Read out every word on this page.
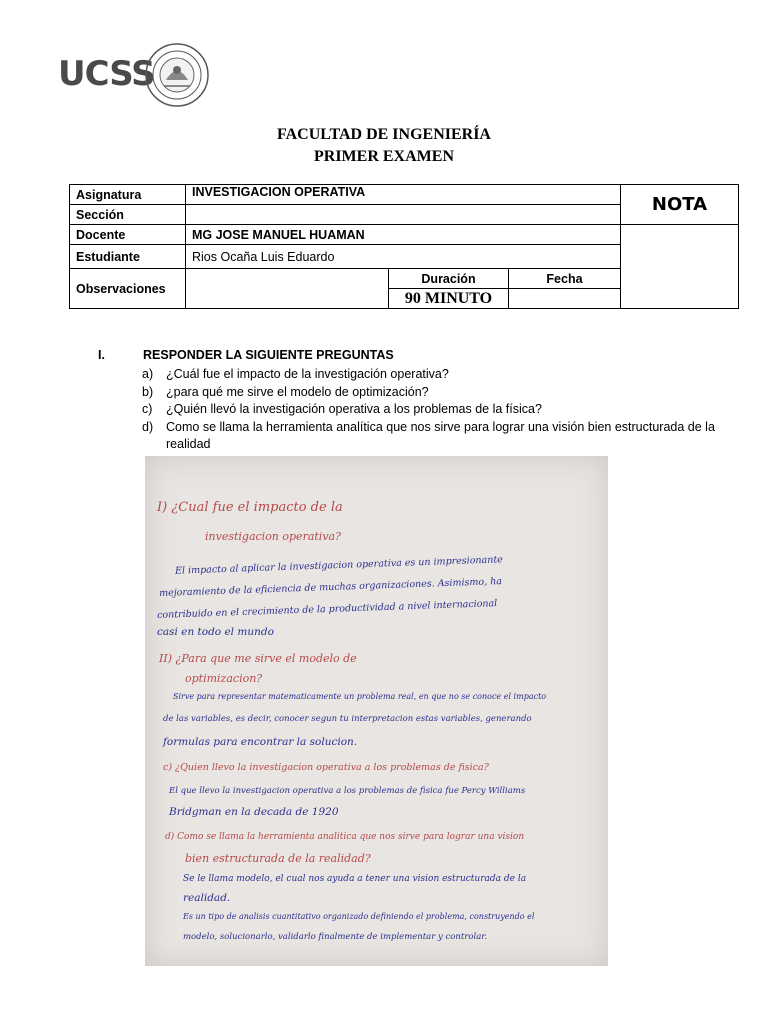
UCSS
FACULTAD DE INGENIERÍA
PRIMER EXAMEN
Asignatura	INVESTIGACION OPERATIVA			NOTA
Sección				
Docente	MG JOSE MANUEL HUAMAN			
Estudiante	Rios Ocaña Luis Eduardo			
Observaciones		Duración	Fecha	
		90 MINUTO		
I.	RESPONDER LA SIGUIENTE PREGUNTAS
a) ¿Cuál fue el impacto de la investigación operativa?
b) ¿para qué me sirve el modelo de optimización?
c) ¿Quién llevó la investigación operativa a los problemas de la física?
d) Como se llama la herramienta analítica que nos sirve para lograr una visión bien estructurada de la realidad
I) ¿Cual fue el impacto de la
investigacion operativa?
El impacto al aplicar la investigacion operativa es un impresionante
mejoramiento de la eficiencia de muchas organizaciones. Asimismo, ha
contribuido en el crecimiento de la productividad a nivel internacional
casi en todo el mundo
II) ¿Para que me sirve el modelo de
optimizacion?
Sirve para representar matematicamente un problema real, en que no se conoce el impacto
de las variables, es decir, conocer segun tu interpretacion estas variables, generando
formulas para encontrar la solucion.
c) ¿Quien llevo la investigacion operativa a los problemas de fisica?
El que llevo la investigacion operativa a los problemas de fisica fue Percy Williams
Bridgman en la decada de 1920
d) Como se llama la herramienta analitica que nos sirve para lograr una vision
bien estructurada de la realidad?
Se le llama modelo, el cual nos ayuda a tener una vision estructurada de la
realidad.
Es un tipo de analisis cuantitativo organizado definiendo el problema, construyendo el
modelo, solucionarlo, validarlo finalmente de implementar y controlar.
